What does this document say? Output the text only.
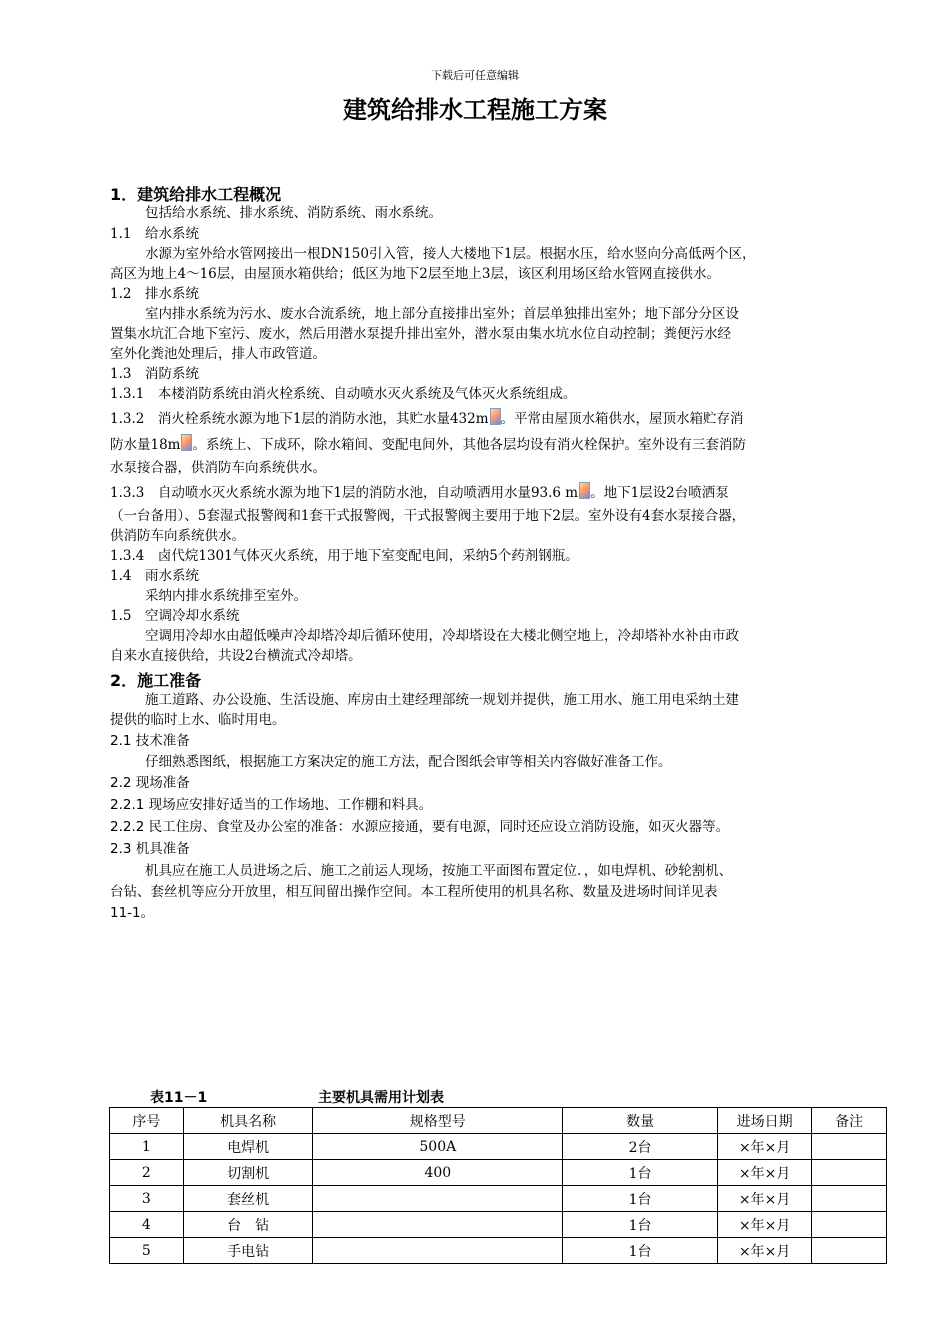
下载后可任意编辑
建筑给排水工程施工方案
1．建筑给排水工程概况
包括给水系统、排水系统、消防系统、雨水系统。
1.1　给水系统
水源为室外给水管网接出一根DN150引入管，接人大楼地下1层。根据水压，给水竖向分高低两个区，
高区为地上4～16层，由屋顶水箱供给；低区为地下2层至地上3层，该区利用场区给水管网直接供水。
1.2　排水系统
室内排水系统为污水、废水合流系统，地上部分直接排出室外；首层单独排出室外；地下部分分区设
置集水坑汇合地下室污、废水，然后用潜水泵提升排出室外，潜水泵由集水坑水位自动控制；粪便污水经
室外化粪池处理后，排人市政管道。
1.3　消防系统
1.3.1　本楼消防系统由消火栓系统、自动喷水灭火系统及气体灭火系统组成。
1.3.2　消火栓系统水源为地下1层的消防水池，其贮水量432m 。平常由屋顶水箱供水，屋顶水箱贮存消
防水量18m 。系统上、下成环，除水箱间、变配电间外，其他各层均设有消火栓保护。室外设有三套消防
水泵接合器，供消防车向系统供水。
1.3.3　自动喷水灭火系统水源为地下1层的消防水池，自动喷洒用水量93.6 m 。地下1层设2台喷洒泵
（一台备用）、5套湿式报警阀和1套干式报警阀，干式报警阀主要用于地下2层。室外设有4套水泵接合器，
供消防车向系统供水。
1.3.4　卤代烷1301气体灭火系统，用于地下室变配电间，采纳5个药剂钢瓶。
1.4　雨水系统
采纳内排水系统排至室外。
1.5　空调冷却水系统
空调用冷却水由超低噪声冷却塔冷却后循环使用，冷却塔设在大楼北侧空地上，冷却塔补水补由市政
自来水直接供给，共设2台横流式冷却塔。
2．施工准备
施工道路、办公设施、生活设施、库房由土建经理部统一规划并提供，施工用水、施工用电采纳土建
提供的临时上水、临时用电。
2.1 技术准备
仔细熟悉图纸，根据施工方案决定的施工方法，配合图纸会审等相关内容做好准备工作。
2.2 现场准备
2.2.1 现场应安排好适当的工作场地、工作棚和料具。
2.2.2 民工住房、食堂及办公室的准备：水源应接通，要有电源，同时还应设立消防设施，如灭火器等。
2.3 机具准备
机具应在施工人员进场之后、施工之前运人现场，按施工平面图布置定位．，如电焊机、砂轮割机、
台钻、套丝机等应分开放里，相互间留出操作空间。本工程所使用的机具名称、数量及进场时间详见表
11-1。
表11－1	主要机具需用计划表
序号	机具名称	规格型号	数量	进场日期	备注
1	电焊机	500A	2台	×年×月	
2	切割机	400	1台	×年×月	
3	套丝机		1台	×年×月	
4	台　钻		1台	×年×月	
5	手电钻		1台	×年×月	
